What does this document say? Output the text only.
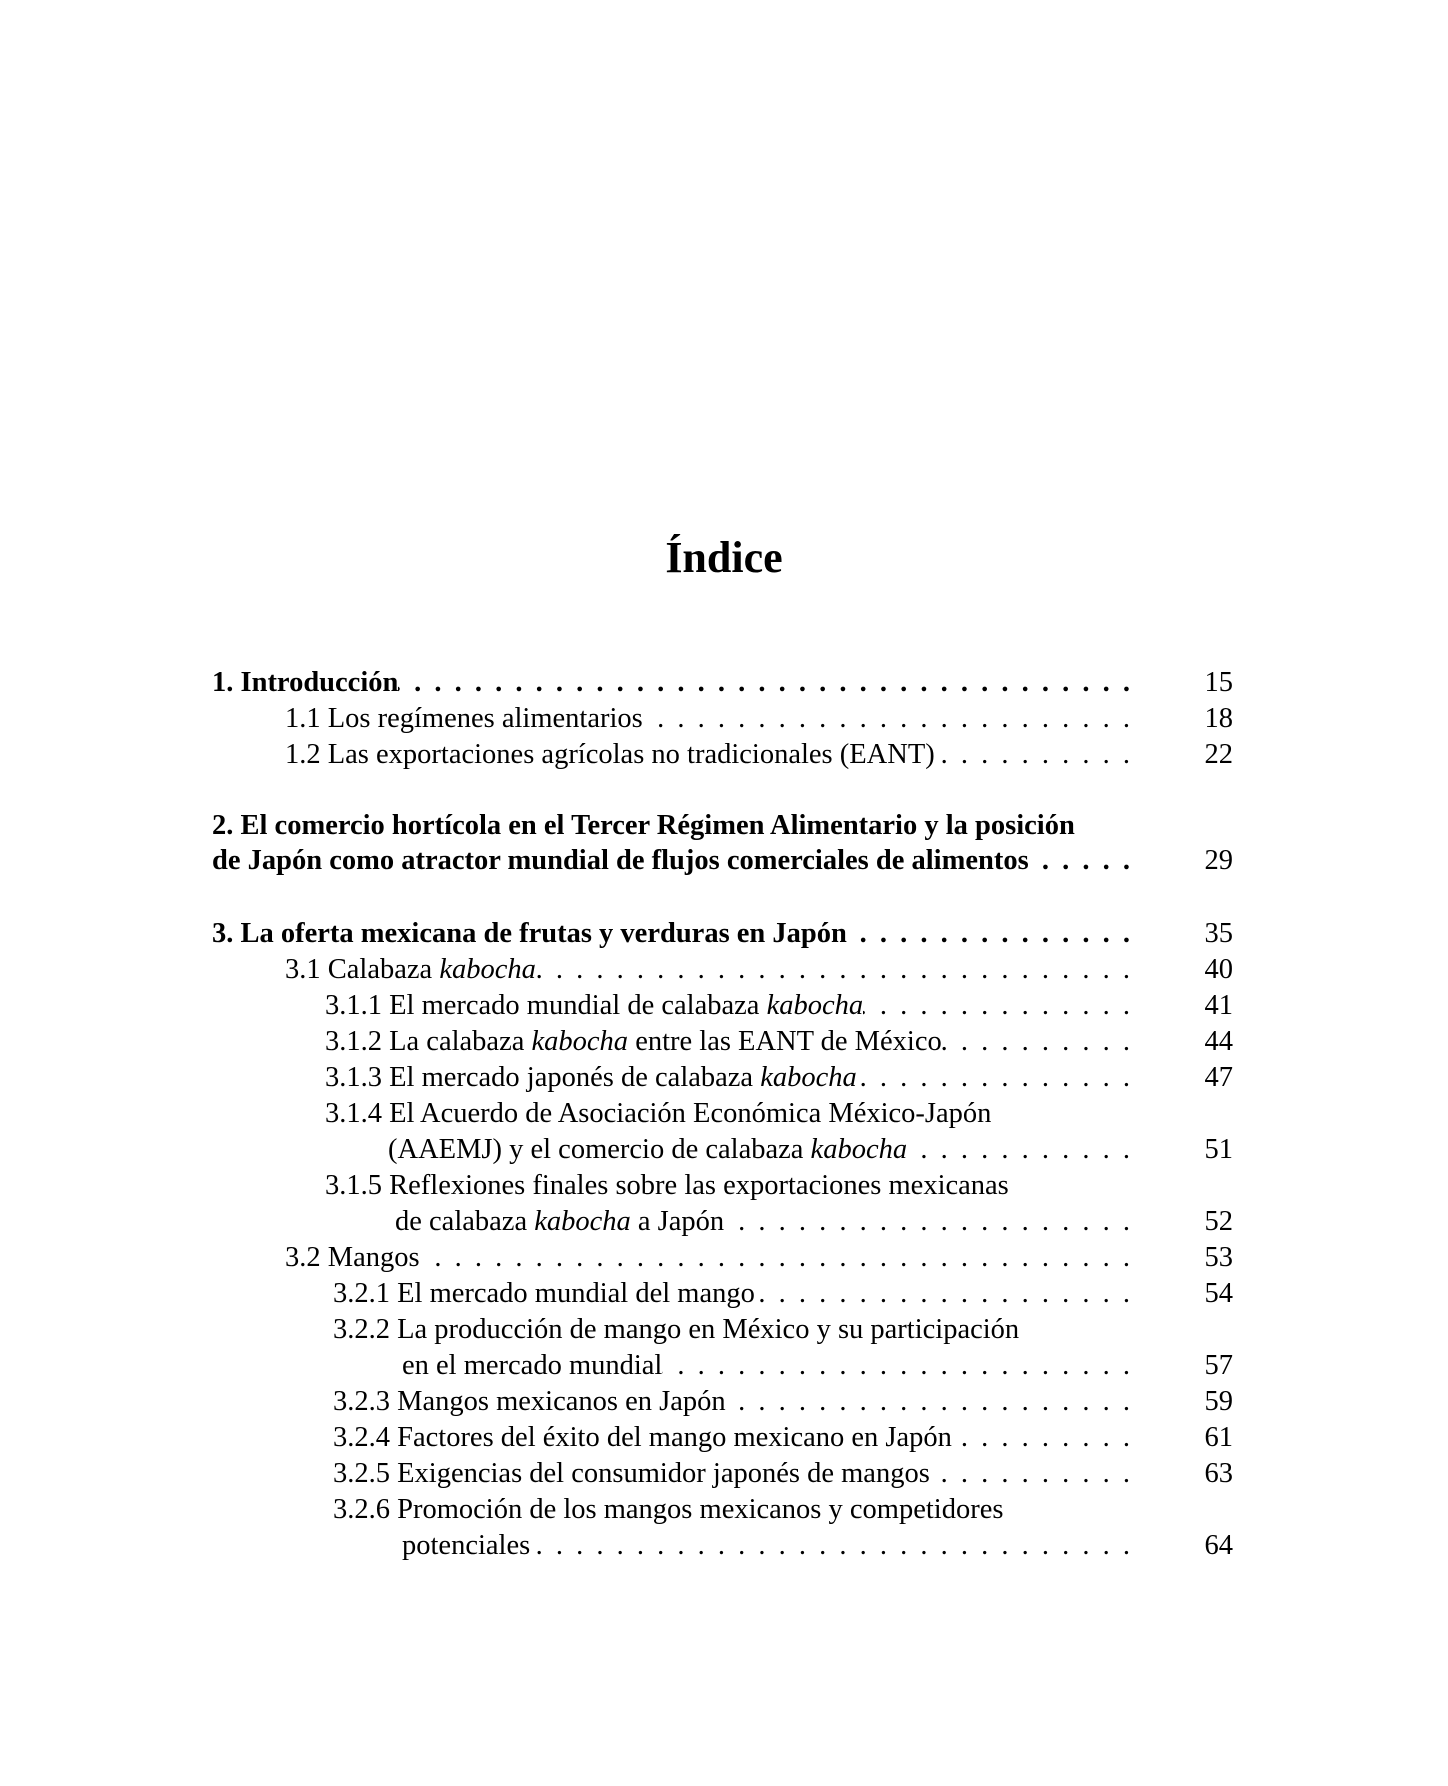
Índice
1. Introducción . . .	15
1.1 Los regímenes alimentarios . . .	18
1.2 Las exportaciones agrícolas no tradicionales (EANT) . . .	22
2. El comercio hortícola en el Tercer Régimen Alimentario y la posición
de Japón como atractor mundial de flujos comerciales de alimentos . . .	29
3. La oferta mexicana de frutas y verduras en Japón . . .	35
3.1 Calabaza kabocha . . .	40
3.1.1 El mercado mundial de calabaza kabocha . . .	41
3.1.2 La calabaza kabocha entre las EANT de México . . .	44
3.1.3 El mercado japonés de calabaza kabocha . . .	47
3.1.4 El Acuerdo de Asociación Económica México-Japón
(AAEMJ) y el comercio de calabaza kabocha . . .	51
3.1.5 Reflexiones finales sobre las exportaciones mexicanas
de calabaza kabocha a Japón . . .	52
3.2 Mangos . . .	53
3.2.1 El mercado mundial del mango . . .	54
3.2.2 La producción de mango en México y su participación
en el mercado mundial . . .	57
3.2.3 Mangos mexicanos en Japón . . .	59
3.2.4 Factores del éxito del mango mexicano en Japón . . .	61
3.2.5 Exigencias del consumidor japonés de mangos . . .	63
3.2.6 Promoción de los mangos mexicanos y competidores
potenciales . . .	64
